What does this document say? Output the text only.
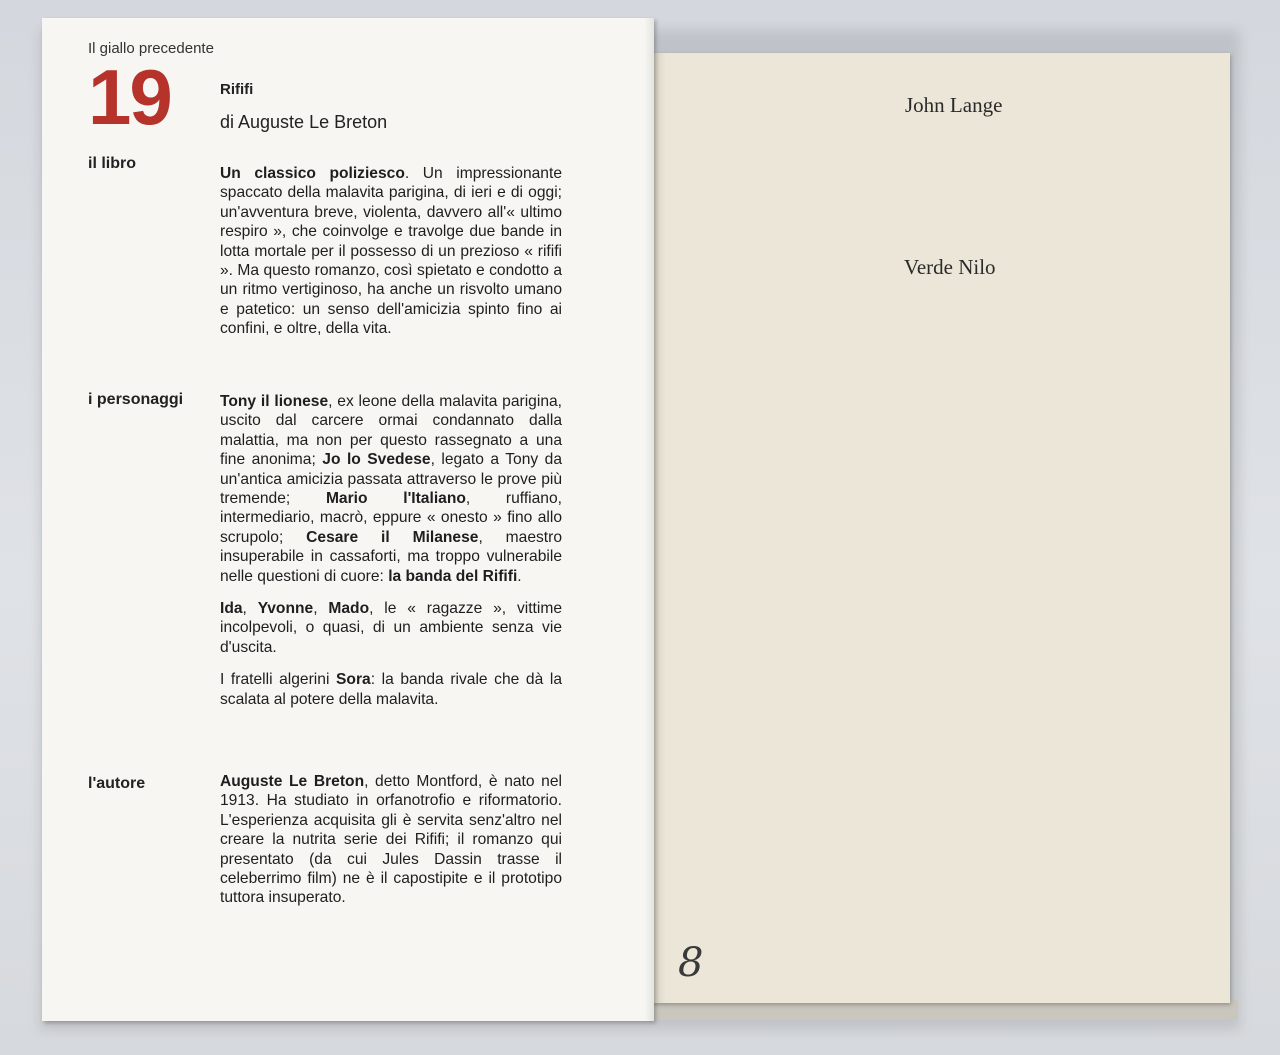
Il giallo precedente
19	Rififi
di Auguste Le Breton
il libro

Un classico poliziesco. Un impressionante spaccato della malavita parigina, di ieri e di oggi; un'avventura breve, violenta, davvero all'« ultimo respiro », che coinvolge e travolge due bande in lotta mortale per il possesso di un prezioso « rififi ». Ma questo romanzo, così spietato e condotto a un ritmo vertiginoso, ha anche un risvolto umano e patetico: un senso dell'amicizia spinto fino ai confini, e oltre, della vita.

i personaggi Tony il lionese, ex leone della malavita parigina, uscito dal carcere ormai condannato dalla malattia, ma non per questo rassegnato a una fine anonima; Jo lo Svedese, legato a Tony da un'antica amicizia passata attraverso le prove più tremende; Mario l'Italiano, ruffiano, intermediario, macrò, eppure « onesto » fino allo scrupolo; Cesare il Milanese, maestro insuperabile in cassaforti, ma troppo vulnerabile nelle questioni di cuore: la banda del Rififi.

Ida, Yvonne, Mado, le « ragazze », vittime incolpevoli, o quasi, di un ambiente senza vie d'uscita.

I fratelli algerini Sora: la banda rivale che dà la scalata al potere della malavita.

l'autore	Auguste Le Breton, detto Montford, è nato nel 1913. Ha studiato in orfanotrofio e riformatorio. L'esperienza acquisita gli è servita senz'altro nel creare la nutrita serie dei Rififi; il romanzo qui presentato (da cui Jules Dassin trasse il celeberrimo film) ne è il capostipite e il prototipo tuttora insuperato.

John Lange
Verde Nilo
8
